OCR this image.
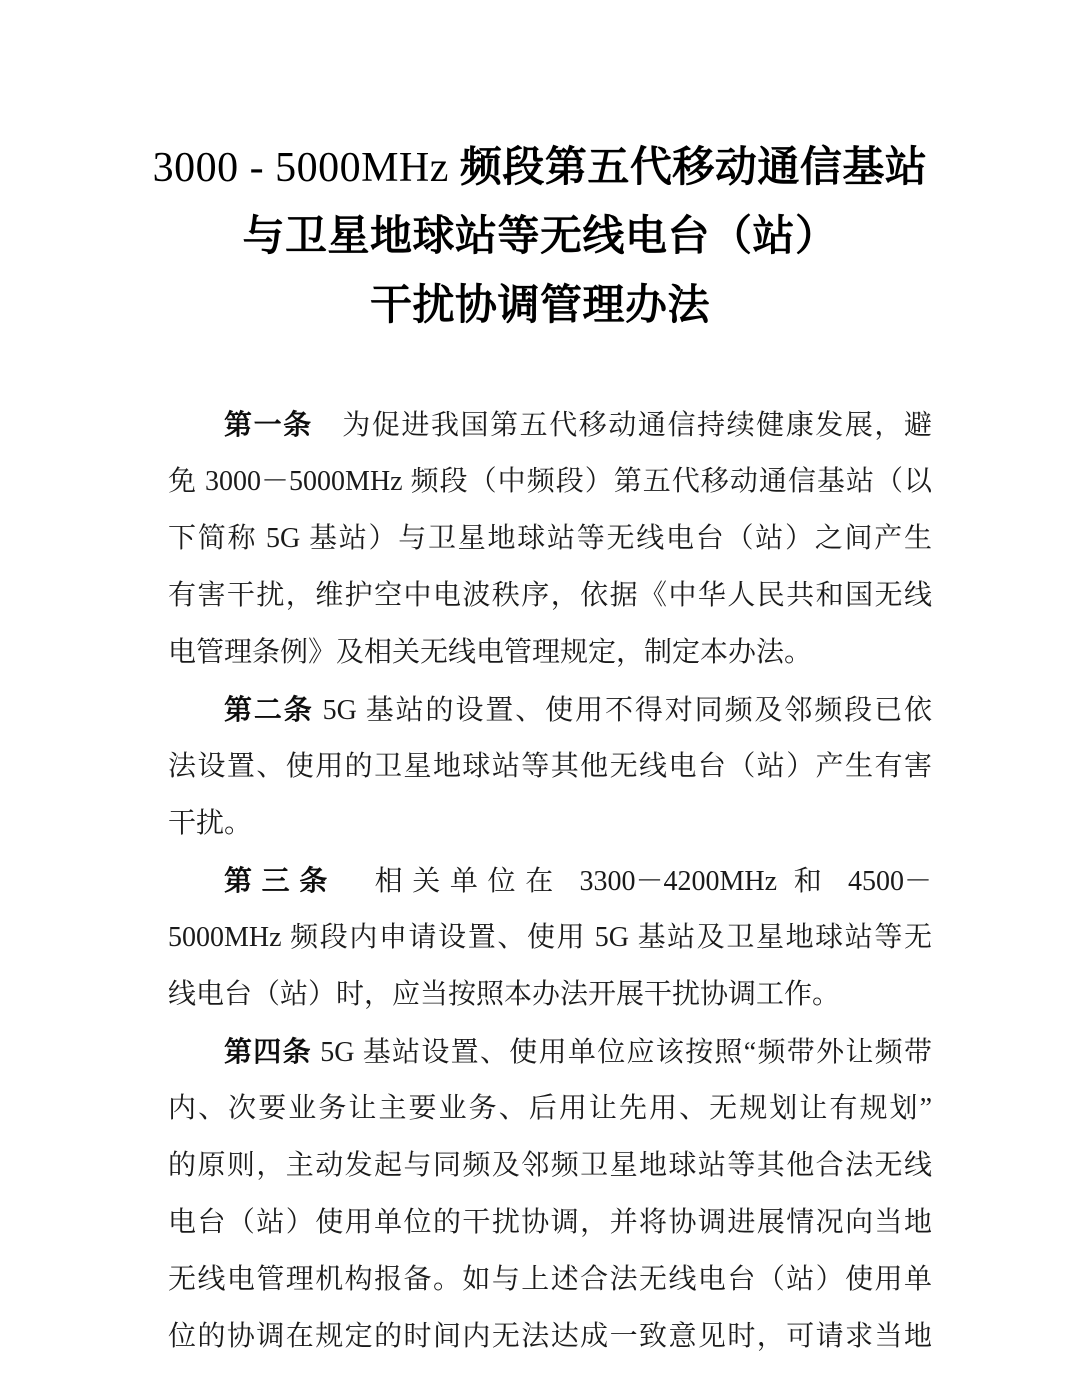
3000 - 5000MHz 频段第五代移动通信基站
与卫星地球站等无线电台（站）
干扰协调管理办法
第一条　为促进我国第五代移动通信持续健康发展，避
免 3000－5000MHz 频段（中频段）第五代移动通信基站（以
下简称 5G 基站）与卫星地球站等无线电台（站）之间产生
有害干扰，维护空中电波秩序，依据《中华人民共和国无线
电管理条例》及相关无线电管理规定，制定本办法。
第二条 5G 基站的设置、使用不得对同频及邻频段已依
法设置、使用的卫星地球站等其他无线电台（站）产生有害
干扰。
第三条　相关单位在 3300－4200MHz 和 4500－
5000MHz 频段内申请设置、使用 5G 基站及卫星地球站等无
线电台（站）时，应当按照本办法开展干扰协调工作。
第四条 5G 基站设置、使用单位应该按照“频带外让频带
内、次要业务让主要业务、后用让先用、无规划让有规划”
的原则，主动发起与同频及邻频卫星地球站等其他合法无线
电台（站）使用单位的干扰协调，并将协调进展情况向当地
无线电管理机构报备。如与上述合法无线电台（站）使用单
位的协调在规定的时间内无法达成一致意见时，可请求当地
